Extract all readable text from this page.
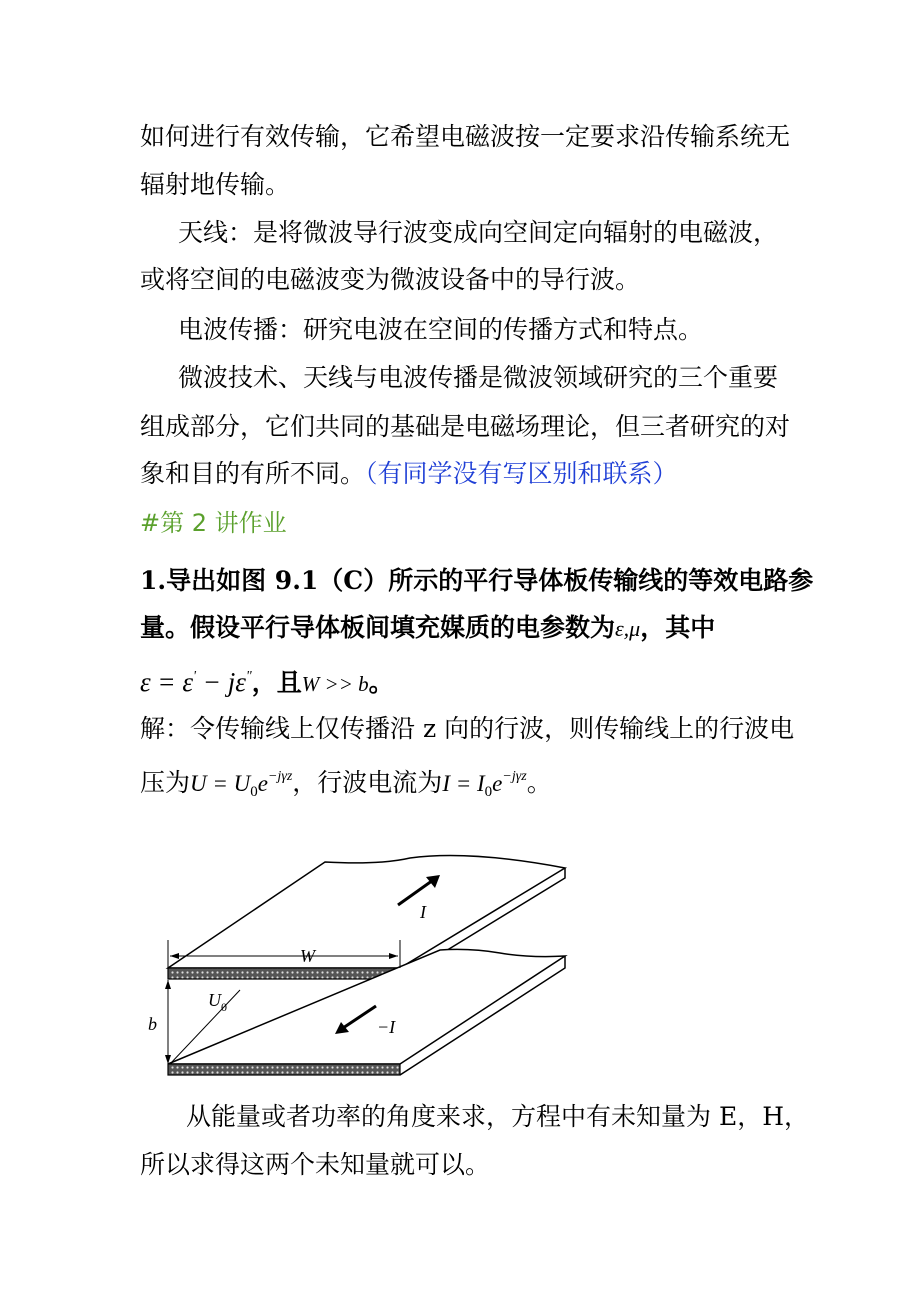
如何进行有效传输，它希望电磁波按一定要求沿传输系统无
辐射地传输。
天线：是将微波导行波变成向空间定向辐射的电磁波，
或将空间的电磁波变为微波设备中的导行波。
电波传播：研究电波在空间的传播方式和特点。
微波技术、天线与电波传播是微波领域研究的三个重要
组成部分，它们共同的基础是电磁场理论，但三者研究的对
象和目的有所不同。（有同学没有写区别和联系）
#第 2 讲作业
1.导出如图 9.1（C）所示的平行导体板传输线的等效电路参
量。假设平行导体板间填充媒质的电参数为ε,μ，其中
ε = ε' − jε"，且W >> b。
解：令传输线上仅传播沿 z 向的行波，则传输线上的行波电
压为$U = U_0e^{-j\gamma z}$，行波电流为$I = I_0e^{-j\gamma z}$。
W
b
$U_0$
I
−I
从能量或者功率的角度来求，方程中有未知量为 E，H，
所以求得这两个未知量就可以。
